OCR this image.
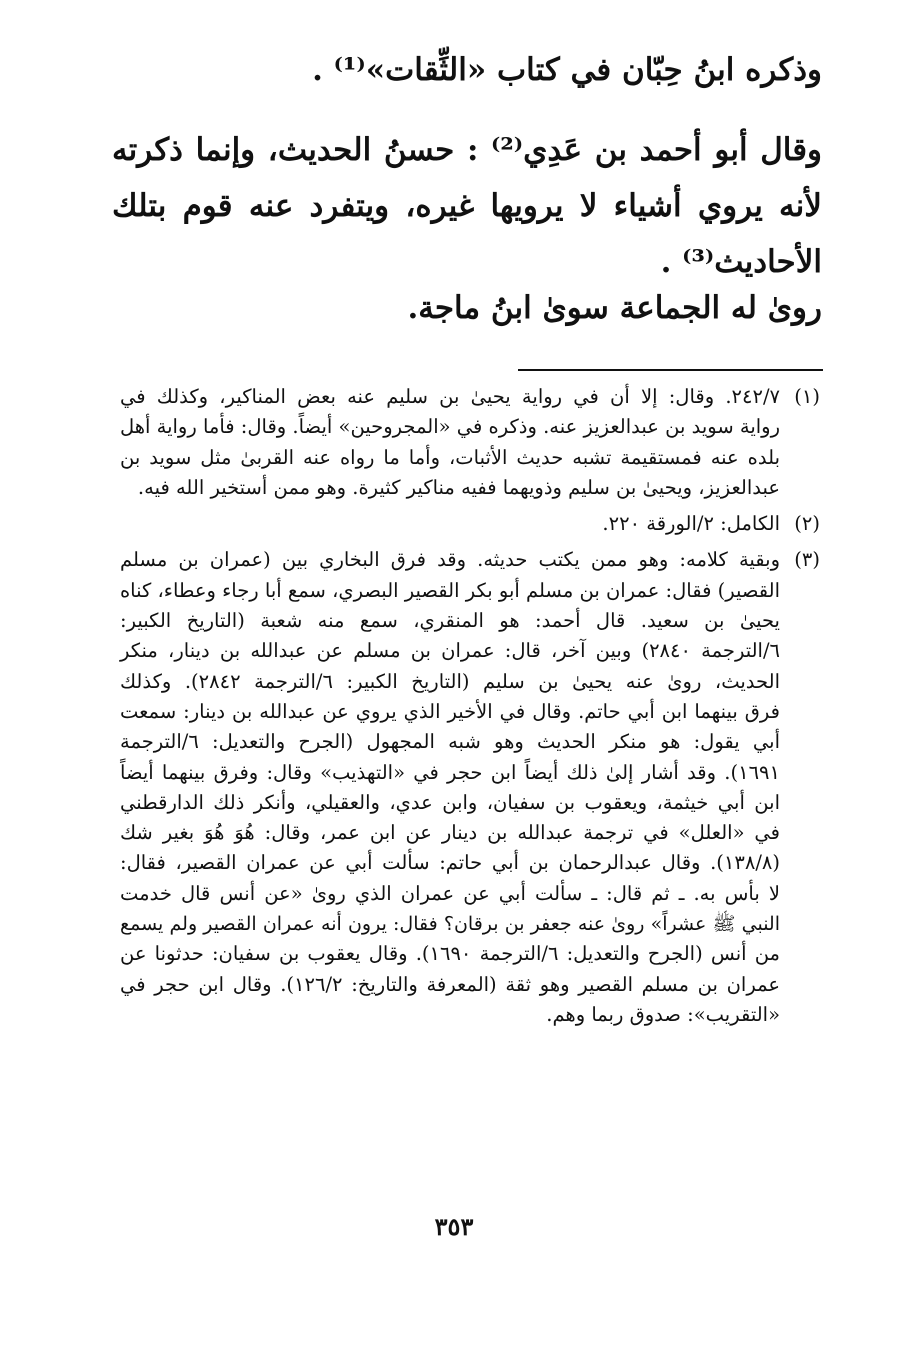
وذكره ابنُ حِبّان في كتاب «الثِّقات»⁽¹⁾ .
وقال أبو أحمد بن عَدِي⁽²⁾ : حسنُ الحديث، وإنما ذكرته
لأنه يروي أشياء لا يرويها غيره، ويتفرد عنه قوم بتلك
الأحاديث⁽³⁾ .
روىٰ له الجماعة سوىٰ ابنُ ماجة.
(١)
٢٤٢/٧. وقال: إلا أن في رواية يحيىٰ بن سليم عنه بعض المناكير، وكذلك في
رواية سويد بن عبدالعزيز عنه. وذكره في «المجروحين» أيضاً. وقال: فأما رواية أهل
بلده عنه فمستقيمة تشبه حديث الأثبات، وأما ما رواه عنه القربىٰ مثل سويد بن
عبدالعزيز، ويحيىٰ بن سليم وذويهما ففيه مناكير كثيرة. وهو ممن أستخير الله فيه.
(٢)
الكامل: ٢/الورقة ٢٢٠.
(٣)
وبقية كلامه: وهو ممن يكتب حديثه. وقد فرق البخاري بين (عمران بن مسلم
القصير) فقال: عمران بن مسلم أبو بكر القصير البصري، سمع أبا رجاء وعطاء، كناه
يحيىٰ بن سعيد. قال أحمد: هو المنقري، سمع منه شعبة (التاريخ الكبير:
٦/الترجمة ٢٨٤٠) وبين آخر، قال: عمران بن مسلم عن عبدالله بن دينار، منكر
الحديث، روىٰ عنه يحيىٰ بن سليم (التاريخ الكبير: ٦/الترجمة ٢٨٤٢). وكذلك
فرق بينهما ابن أبي حاتم. وقال في الأخير الذي يروي عن عبدالله بن دينار: سمعت
أبي يقول: هو منكر الحديث وهو شبه المجهول (الجرح والتعديل: ٦/الترجمة
١٦٩١). وقد أشار إلىٰ ذلك أيضاً ابن حجر في «التهذيب» وقال: وفرق بينهما أيضاً
ابن أبي خيثمة، ويعقوب بن سفيان، وابن عدي، والعقيلي، وأنكر ذلك الدارقطني
في «العلل» في ترجمة عبدالله بن دينار عن ابن عمر، وقال: هُوَ هُوَ بغير شك
(١٣٨/٨). وقال عبدالرحمان بن أبي حاتم: سألت أبي عن عمران القصير، فقال:
لا بأس به. ـ ثم قال: ـ سألت أبي عن عمران الذي روىٰ «عن أنس قال خدمت
النبي ﷺ عشراً» روىٰ عنه جعفر بن برقان؟ فقال: يرون أنه عمران القصير ولم يسمع
من أنس (الجرح والتعديل: ٦/الترجمة ١٦٩٠). وقال يعقوب بن سفيان: حدثونا عن
عمران بن مسلم القصير وهو ثقة (المعرفة والتاريخ: ١٢٦/٢). وقال ابن حجر في
«التقريب»: صدوق ربما وهم.
٣٥٣
